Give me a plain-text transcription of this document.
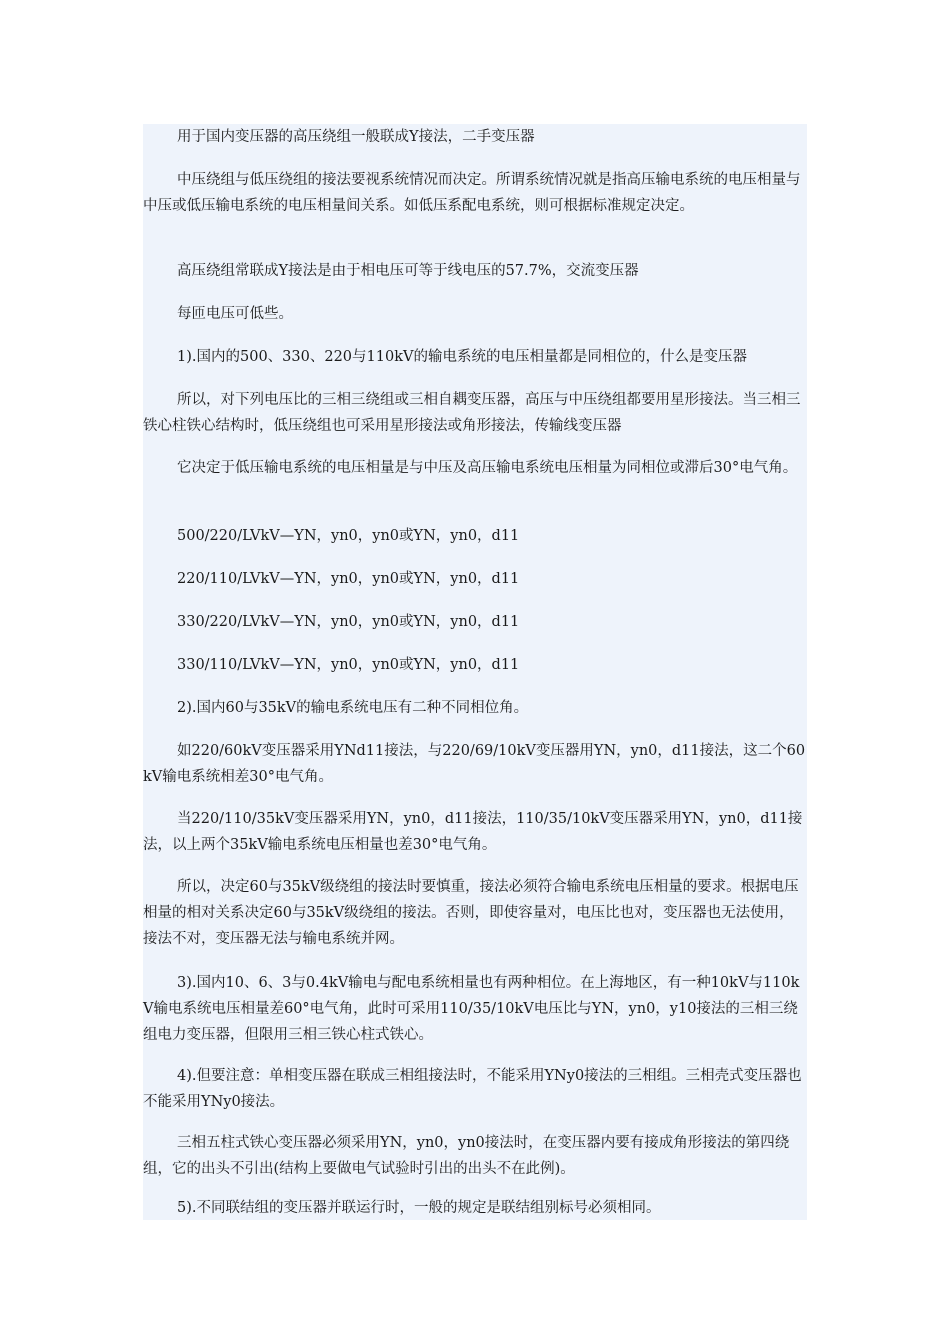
用于国内变压器的高压绕组一般联成Y接法，二手变压器

中压绕组与低压绕组的接法要视系统情况而决定。所谓系统情况就是指高压输电系统的电压相量与中压或低压输电系统的电压相量间关系。如低压系配电系统，则可根据标准规定决定。

高压绕组常联成Y接法是由于相电压可等于线电压的57.7%，交流变压器

每匝电压可低些。

1).国内的500、330、220与110kV的输电系统的电压相量都是同相位的，什么是变压器

所以，对下列电压比的三相三绕组或三相自耦变压器，高压与中压绕组都要用星形接法。当三相三铁心柱铁心结构时，低压绕组也可采用星形接法或角形接法，传输线变压器

它决定于低压输电系统的电压相量是与中压及高压输电系统电压相量为同相位或滞后30°电气角。

500/220/LVkV—YN，yn0，yn0或YN，yn0，d11

220/110/LVkV—YN，yn0，yn0或YN，yn0，d11

330/220/LVkV—YN，yn0，yn0或YN，yn0，d11

330/110/LVkV—YN，yn0，yn0或YN，yn0，d11

2).国内60与35kV的输电系统电压有二种不同相位角。

如220/60kV变压器采用YNd11接法，与220/69/10kV变压器用YN，yn0，d11接法，这二个60kV输电系统相差30°电气角。

当220/110/35kV变压器采用YN，yn0，d11接法，110/35/10kV变压器采用YN，yn0，d11接法，以上两个35kV输电系统电压相量也差30°电气角。

所以，决定60与35kV级绕组的接法时要慎重，接法必须符合输电系统电压相量的要求。根据电压相量的相对关系决定60与35kV级绕组的接法。否则，即使容量对，电压比也对，变压器也无法使用，接法不对，变压器无法与输电系统并网。

3).国内10、6、3与0.4kV输电与配电系统相量也有两种相位。在上海地区，有一种10kV与110kV输电系统电压相量差60°电气角，此时可采用110/35/10kV电压比与YN，yn0，y10接法的三相三绕组电力变压器，但限用三相三铁心柱式铁心。

4).但要注意：单相变压器在联成三相组接法时，不能采用YNy0接法的三相组。三相壳式变压器也不能采用YNy0接法。

三相五柱式铁心变压器必须采用YN，yn0，yn0接法时，在变压器内要有接成角形接法的第四绕组，它的出头不引出(结构上要做电气试验时引出的出头不在此例)。

5).不同联结组的变压器并联运行时，一般的规定是联结组别标号必须相同。
